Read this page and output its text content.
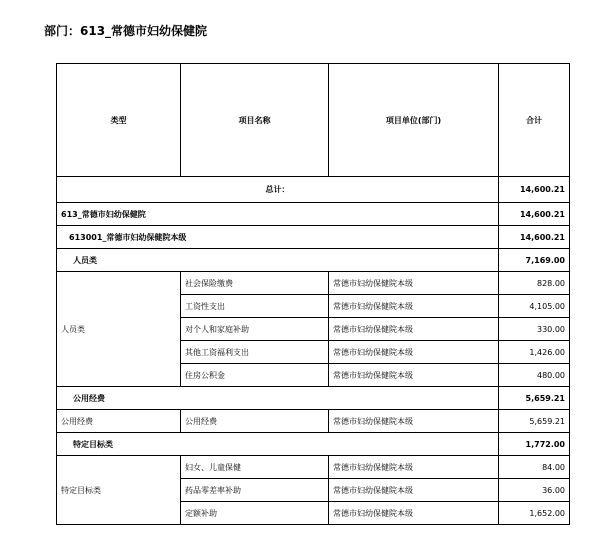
部门：613_常德市妇幼保健院
类型	项目名称	项目单位(部门)	合计
总计：			14,600.21
613_常德市妇幼保健院			14,600.21
613001_常德市妇幼保健院本级			14,600.21
人员类			7,169.00
人员类	社会保险缴费	常德市妇幼保健院本级	828.00
	工资性支出	常德市妇幼保健院本级	4,105.00
	对个人和家庭补助	常德市妇幼保健院本级	330.00
	其他工资福利支出	常德市妇幼保健院本级	1,426.00
	住房公积金	常德市妇幼保健院本级	480.00
公用经费			5,659.21
公用经费	公用经费	常德市妇幼保健院本级	5,659.21
特定目标类			1,772.00
特定目标类	妇女、儿童保健	常德市妇幼保健院本级	84.00
	药品零差率补助	常德市妇幼保健院本级	36.00
	定额补助	常德市妇幼保健院本级	1,652.00
